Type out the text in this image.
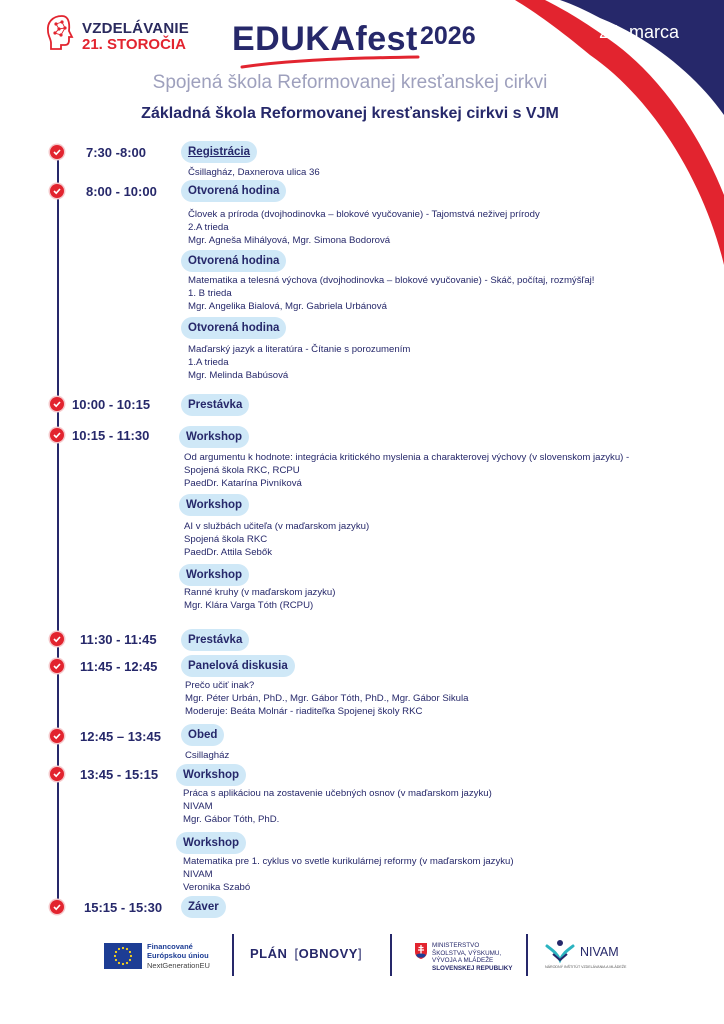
VZDELÁVANIE
21. STOROČIA EDUKAfest 2026	24. marca
Spojená škola Reformovanej kresťanskej cirkvi
Základná škola Reformovanej kresťanskej cirkvi s VJM
7:30 -8:00	Registrácia
Čsillagház, Daxnerova ulica 36
8:00 - 10:00	Otvorená hodina
Človek a príroda (dvojhodinovka – blokové vyučovanie) - Tajomstvá neživej prírody
2.A trieda
Mgr. Agneša Mihályová, Mgr. Simona Bodorová
Otvorená hodina
Matematika a telesná výchova (dvojhodinovka – blokové vyučovanie) - Skáč, počítaj, rozmýšľaj!
1. B trieda
Mgr. Angelika Bialová, Mgr. Gabriela Urbánová
Otvorená hodina
Maďarský jazyk a literatúra - Čítanie s porozumením
1.A trieda
Mgr. Melinda Babúsová
10:00 - 10:15	Prestávka
10:15 - 11:30	Workshop
Od argumentu k hodnote: integrácia kritického myslenia a charakterovej výchovy (v slovenskom jazyku) - Spojená škola RKC, RCPU
PaedDr. Katarína Pivníková
Workshop
AI v službách učiteľa (v maďarskom jazyku)
Spojená škola RKC
PaedDr. Attila Sebők
Workshop
Ranné kruhy (v maďarskom jazyku)
Mgr. Klára Varga Tóth (RCPU)
11:30 - 11:45	Prestávka
11:45 - 12:45	Panelová diskusia
Prečo učiť inak?
Mgr. Péter Urbán, PhD., Mgr. Gábor Tóth, PhD., Mgr. Gábor Sikula
Moderuje: Beáta Molnár - riaditeľka Spojenej školy RKC
12:45 – 13:45	Obed
Csillagház
13:45 - 15:15	Workshop
Práca s aplikáciou na zostavenie učebných osnov (v maďarskom jazyku)
NIVAM
Mgr. Gábor Tóth, PhD.
Workshop
Matematika pre 1. cyklus vo svetle kurikulárnej reformy (v maďarskom jazyku)
NIVAM
Veronika Szabó
15:15 - 15:30	Záver
Financované
Európskou úniou
NextGenerationEU
PLÁN [OBNOVY]
MINISTERSTVO
ŠKOLSTVA, VÝSKUMU,
VÝVOJA A MLÁDEŽE
SLOVENSKEJ REPUBLIKY
NIVAM
NÁRODNÝ INŠTITÚT VZDELÁVANIA A MLÁDEŽE
